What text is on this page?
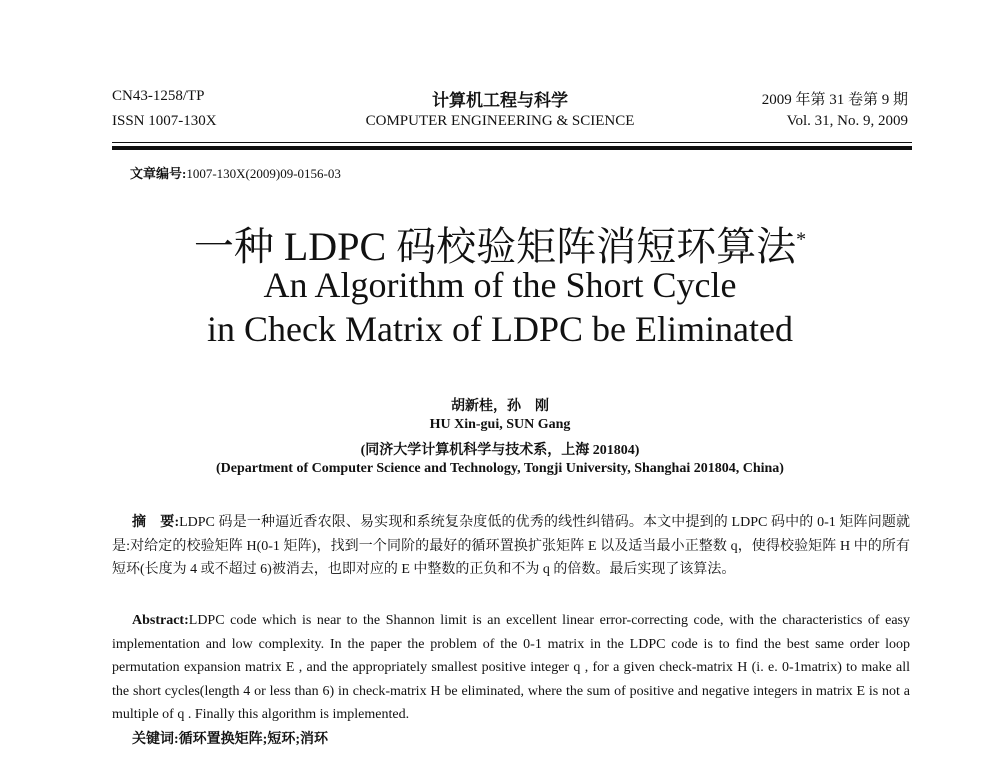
CN43-1258/TP
ISSN 1007-130X
计算机工程与科学
COMPUTER ENGINEERING & SCIENCE
2009 年第 31 卷第 9 期
Vol. 31, No. 9, 2009
文章编号:1007-130X(2009)09-0156-03
一种 LDPC 码校验矩阵消短环算法*
An Algorithm of the Short Cycle
in Check Matrix of LDPC be Eliminated
胡新桂，孙　刚
HU Xin-gui, SUN Gang
(同济大学计算机科学与技术系，上海 201804)
(Department of Computer Science and Technology, Tongji University, Shanghai 201804, China)
摘　要:LDPC 码是一种逼近香农限、易实现和系统复杂度低的优秀的线性纠错码。本文中提到的 LDPC 码中的 0-1 矩阵问题就是:对给定的校验矩阵 H(0-1 矩阵)，找到一个同阶的最好的循环置换扩张矩阵 E 以及适当最小正整数 q，使得校验矩阵 H 中的所有短环(长度为 4 或不超过 6)被消去，也即对应的 E 中整数的正负和不为 q 的倍数。最后实现了该算法。
Abstract:LDPC code which is near to the Shannon limit is an excellent linear error-correcting code, with the characteristics of easy implementation and low complexity. In the paper the problem of the 0-1 matrix in the LDPC code is to find the best same order loop permutation expansion matrix E , and the appropriately smallest positive integer q , for a given check-matrix H (i. e. 0-1matrix) to make all the short cycles(length 4 or less than 6) in check-matrix H be eliminated, where the sum of positive and negative integers in matrix E is not a multiple of q . Finally this algorithm is implemented.
关键词:循环置换矩阵;短环;消环
